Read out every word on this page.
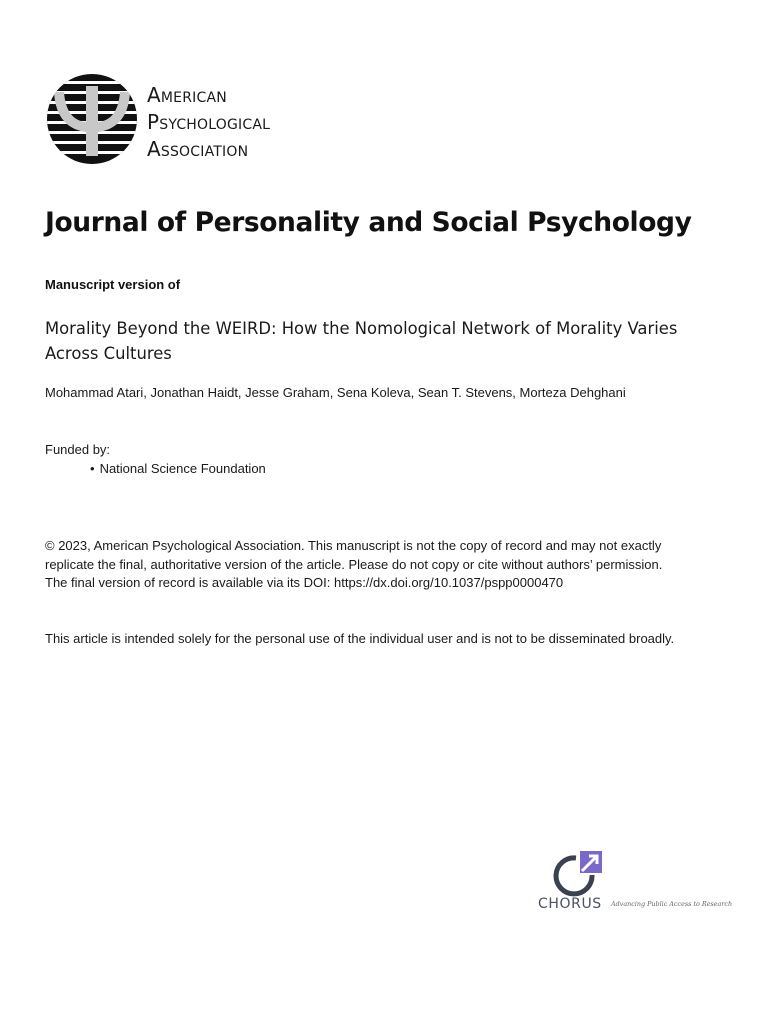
American
Psychological
Association
Journal of Personality and Social Psychology
Manuscript version of
Morality Beyond the WEIRD: How the Nomological Network of Morality Varies Across Cultures
Mohammad Atari, Jonathan Haidt, Jesse Graham, Sena Koleva, Sean T. Stevens, Morteza Dehghani
Funded by:
• National Science Foundation
© 2023, American Psychological Association. This manuscript is not the copy of record and may not exactly
replicate the final, authoritative version of the article. Please do not copy or cite without authors’ permission.
The final version of record is available via its DOI: https://dx.doi.org/10.1037/pspp0000470
This article is intended solely for the personal use of the individual user and is not to be disseminated broadly.
CHORUS Advancing Public Access to Research
